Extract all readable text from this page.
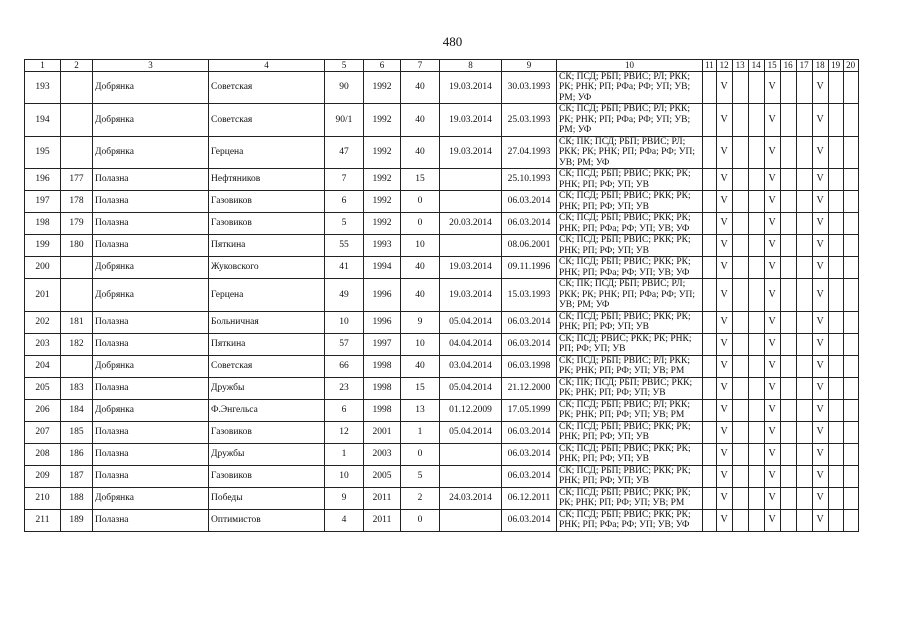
480
1	2	3	4	5	6	7	8	9	10	11	12	13	14	15	16	17	18	19	20
193		Добрянка	Советская	90	1992	40	19.03.2014	30.03.1993	СК; ПСД; РБП; РВИС; РЛ; РКК; РК; РНК; РП; РФа; РФ; УП; УВ; РМ; УФ		V			V			V		
194		Добрянка	Советская	90/1	1992	40	19.03.2014	25.03.1993	СК; ПСД; РБП; РВИС; РЛ; РКК; РК; РНК; РП; РФа; РФ; УП; УВ; РМ; УФ		V			V			V		
195		Добрянка	Герцена	47	1992	40	19.03.2014	27.04.1993	СК; ПК; ПСД; РБП; РВИС; РЛ; РКК; РК; РНК; РП; РФа; РФ; УП; УВ; РМ; УФ		V			V			V		
196	177	Полазна	Нефтяников	7	1992	15		25.10.1993	СК; ПСД; РБП; РВИС; РКК; РК; РНК; РП; РФ; УП; УВ		V			V			V		
197	178	Полазна	Газовиков	6	1992	0		06.03.2014	СК; ПСД; РБП; РВИС; РКК; РК; РНК; РП; РФ; УП; УВ		V			V			V		
198	179	Полазна	Газовиков	5	1992	0	20.03.2014	06.03.2014	СК; ПСД; РБП; РВИС; РКК; РК; РНК; РП; РФа; РФ; УП; УВ; УФ		V			V			V		
199	180	Полазна	Пяткина	55	1993	10		08.06.2001	СК; ПСД; РБП; РВИС; РКК; РК; РНК; РП; РФ; УП; УВ		V			V			V		
200		Добрянка	Жуковского	41	1994	40	19.03.2014	09.11.1996	СК; ПСД; РБП; РВИС; РКК; РК; РНК; РП; РФа; РФ; УП; УВ; УФ		V			V			V		
201		Добрянка	Герцена	49	1996	40	19.03.2014	15.03.1993	СК; ПК; ПСД; РБП; РВИС; РЛ; РКК; РК; РНК; РП; РФа; РФ; УП; УВ; РМ; УФ		V			V			V		
202	181	Полазна	Больничная	10	1996	9	05.04.2014	06.03.2014	СК; ПСД; РБП; РВИС; РКК; РК; РНК; РП; РФ; УП; УВ		V			V			V		
203	182	Полазна	Пяткина	57	1997	10	04.04.2014	06.03.2014	СК; ПСД; РВИС; РКК; РК; РНК; РП; РФ; УП; УВ		V			V			V		
204		Добрянка	Советская	66	1998	40	03.04.2014	06.03.1998	СК; ПСД; РБП; РВИС; РЛ; РКК; РК; РНК; РП; РФ; УП; УВ; РМ		V			V			V		
205	183	Полазна	Дружбы	23	1998	15	05.04.2014	21.12.2000	СК; ПК; ПСД; РБП; РВИС; РКК; РК; РНК; РП; РФ; УП; УВ		V			V			V		
206	184	Добрянка	Ф.Энгельса	6	1998	13	01.12.2009	17.05.1999	СК; ПСД; РБП; РВИС; РЛ; РКК; РК; РНК; РП; РФ; УП; УВ; РМ		V			V			V		
207	185	Полазна	Газовиков	12	2001	1	05.04.2014	06.03.2014	СК; ПСД; РБП; РВИС; РКК; РК; РНК; РП; РФ; УП; УВ		V			V			V		
208	186	Полазна	Дружбы	1	2003	0		06.03.2014	СК; ПСД; РБП; РВИС; РКК; РК; РНК; РП; РФ; УП; УВ		V			V			V		
209	187	Полазна	Газовиков	10	2005	5		06.03.2014	СК; ПСД; РБП; РВИС; РКК; РК; РНК; РП; РФ; УП; УВ		V			V			V		
210	188	Добрянка	Победы	9	2011	2	24.03.2014	06.12.2011	СК; ПСД; РБП; РВИС; РКК; РК; РК; РНК; РП; РФ; УП; УВ; РМ		V			V			V		
211	189	Полазна	Оптимистов	4	2011	0		06.03.2014	СК; ПСД; РБП; РВИС; РКК; РК; РНК; РП; РФа; РФ; УП; УВ; УФ		V			V			V		
